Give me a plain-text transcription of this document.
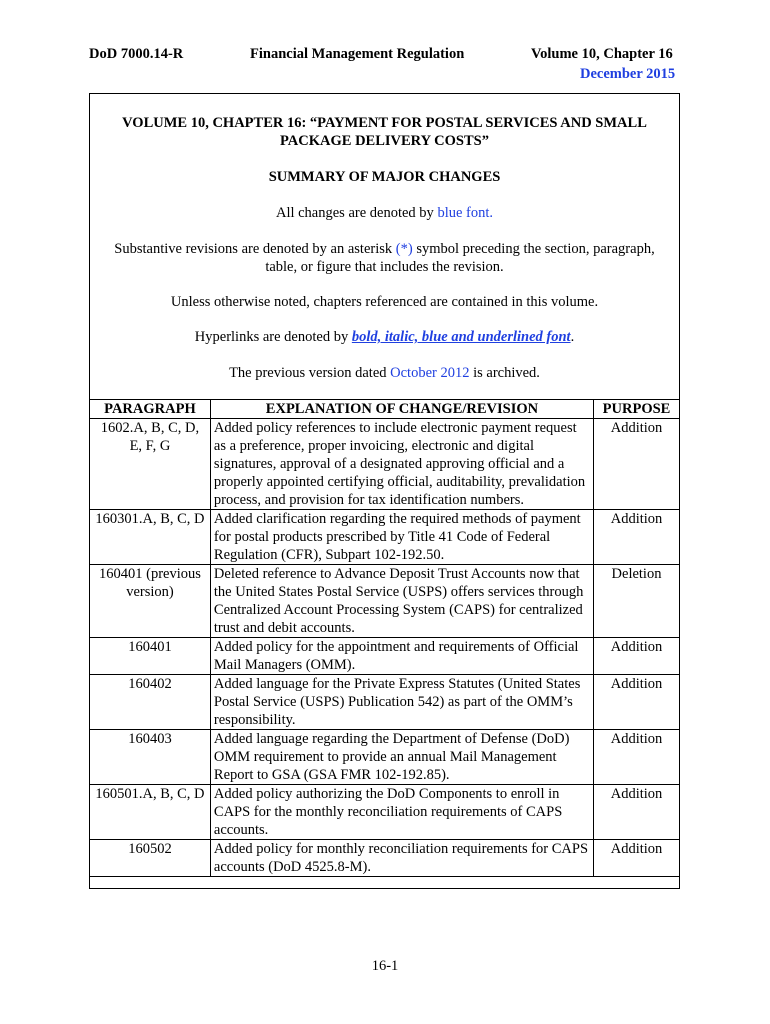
DoD 7000.14-R	Financial Management Regulation	Volume 10, Chapter 16
December 2015
VOLUME 10, CHAPTER 16: “PAYMENT FOR POSTAL SERVICES AND SMALL
PACKAGE DELIVERY COSTS”
SUMMARY OF MAJOR CHANGES
All changes are denoted by blue font.
Substantive revisions are denoted by an asterisk (*) symbol preceding the section, paragraph,
table, or figure that includes the revision.
Unless otherwise noted, chapters referenced are contained in this volume.
Hyperlinks are denoted by bold, italic, blue and underlined font.
The previous version dated October 2012 is archived.
PARAGRAPH	EXPLANATION OF CHANGE/REVISION	PURPOSE
1602.A, B, C, D, E, F, G	Added policy references to include electronic payment request as a preference, proper invoicing, electronic and digital signatures, approval of a designated approving official and a properly appointed certifying official, auditability, prevalidation process, and provision for tax identification numbers.	Addition
160301.A, B, C, D	Added clarification regarding the required methods of payment for postal products prescribed by Title 41 Code of Federal Regulation (CFR), Subpart 102-192.50.	Addition
160401 (previous version)	Deleted reference to Advance Deposit Trust Accounts now that the United States Postal Service (USPS) offers services through Centralized Account Processing System (CAPS) for centralized trust and debit accounts.	Deletion
160401	Added policy for the appointment and requirements of Official Mail Managers (OMM).	Addition
160402	Added language for the Private Express Statutes (United States Postal Service (USPS) Publication 542) as part of the OMM’s responsibility.	Addition
160403	Added language regarding the Department of Defense (DoD) OMM requirement to provide an annual Mail Management Report to GSA (GSA FMR 102-192.85).	Addition
160501.A, B, C, D	Added policy authorizing the DoD Components to enroll in CAPS for the monthly reconciliation requirements of CAPS accounts.	Addition
160502	Added policy for monthly reconciliation requirements for CAPS accounts (DoD 4525.8-M).	Addition
16-1
